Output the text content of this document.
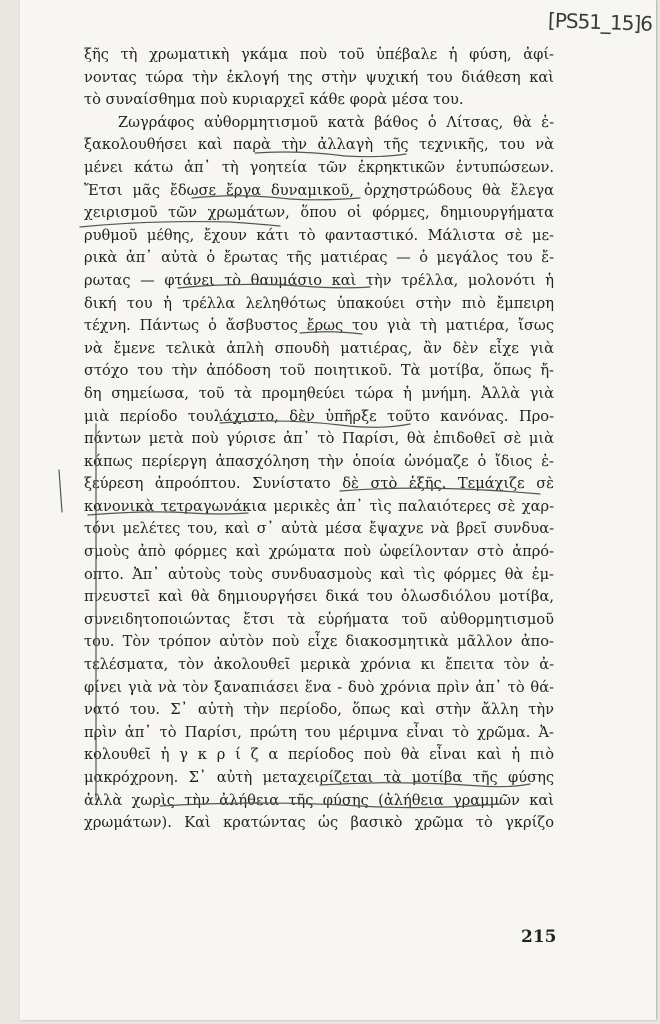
[PS51_15]6
ξῆς τὴ χρωματικὴ γκάμα ποὺ τοῦ ὑπέβαλε ἡ φύση, ἀφί-
νοντας τώρα τὴν ἐκλογή της στὴν ψυχική του διάθεση καὶ
τὸ συναίσθημα ποὺ κυριαρχεῖ κάθε φορὰ μέσα του.
Ζωγράφος αὐθορμητισμοῦ κατὰ βάθος ὁ Λίτσας, θὰ ἐ-
ξακολουθήσει καὶ παρὰ τὴν ἀλλαγὴ τῆς τεχνικῆς, του νὰ
μένει κάτω ἀπ᾽ τὴ γοητεία τῶν ἐκρηκτικῶν ἐντυπώσεων.
Ἔτσι μᾶς ἔδωσε ἔργα δυναμικοῦ, ὀρχηστρώδους θὰ ἔλεγα
χειρισμοῦ τῶν χρωμάτων, ὅπου οἱ φόρμες, δημιουργήματα
ρυθμοῦ μέθης, ἔχουν κάτι τὸ φανταστικό. Μάλιστα σὲ με-
ρικὰ ἀπ᾽ αὐτὰ ὁ ἔρωτας τῆς ματιέρας — ὁ μεγάλος του ἔ-
ρωτας — φτάνει τὸ θαυμάσιο καὶ τὴν τρέλλα, μολονότι ἡ
δική του ἡ τρέλλα λεληθότως ὑπακούει στὴν πιὸ ἔμπειρη
τέχνη. Πάντως ὁ ἄσβυστος ἔρως του γιὰ τὴ ματιέρα, ἴσως
νὰ ἔμενε τελικὰ ἁπλὴ σπουδὴ ματιέρας, ἂν δὲν εἶχε γιὰ
στόχο του τὴν ἀπόδοση τοῦ ποιητικοῦ. Τὰ μοτίβα, ὅπως ἤ-
δη σημείωσα, τοῦ τὰ προμηθεύει τώρα ἡ μνήμη. Ἀλλὰ γιὰ
μιὰ περίοδο τουλάχιστο, δὲν ὑπῆρξε τοῦτο κανόνας. Προ-
πάντων μετὰ ποὺ γύρισε ἀπ᾽ τὸ Παρίσι, θὰ ἐπιδοθεῖ σὲ μιὰ
κάπως περίεργη ἀπασχόληση τὴν ὁποία ὠνόμαζε ὁ ἴδιος ἐ-
ξεύρεση ἀπροόπτου. Συνίστατο δὲ στὸ ἑξῆς. Τεμάχιζε σὲ
κανονικὰ τετραγωνάκια μερικὲς ἀπ᾽ τὶς παλαιότερες σὲ χαρ-
τόνι μελέτες του, καὶ σ᾽ αὐτὰ μέσα ἔψαχνε νὰ βρεῖ συνδυα-
σμοὺς ἀπὸ φόρμες καὶ χρώματα ποὺ ὠφείλονταν στὸ ἀπρό-
οπτο. Ἀπ᾽ αὐτοὺς τοὺς συνδυασμοὺς καὶ τὶς φόρμες θὰ ἐμ-
πνευστεῖ καὶ θὰ δημιουργήσει δικά του ὁλωσδιόλου μοτίβα,
συνειδητοποιώντας ἔτσι τὰ εὑρήματα τοῦ αὐθορμητισμοῦ
του. Τὸν τρόπον αὐτὸν ποὺ εἶχε διακοσμητικὰ μᾶλλον ἀπο-
τελέσματα, τὸν ἀκολουθεῖ μερικὰ χρόνια κι ἔπειτα τὸν ἀ-
φίνει γιὰ νὰ τὸν ξαναπιάσει ἕνα - δυὸ χρόνια πρὶν ἀπ᾽ τὸ θά-
νατό του. Σ᾽ αὐτὴ τὴν περίοδο, ὅπως καὶ στὴν ἄλλη τὴν
πρὶν ἀπ᾽ τὸ Παρίσι, πρώτη του μέριμνα εἶναι τὸ χρῶμα. Ἀ-
κολουθεῖ ἡ γ κ ρ ί ζ α περίοδος ποὺ θὰ εἶναι καὶ ἡ πιὸ
μακρόχρονη. Σ᾽ αὐτὴ μεταχειρίζεται τὰ μοτίβα τῆς φύσης
ἀλλὰ χωρὶς τὴν ἀλήθεια τῆς φύσης (ἀλήθεια γραμμῶν καὶ
χρωμάτων). Καὶ κρατώντας ὡς βασικὸ χρῶμα τὸ γκρίζο
215
